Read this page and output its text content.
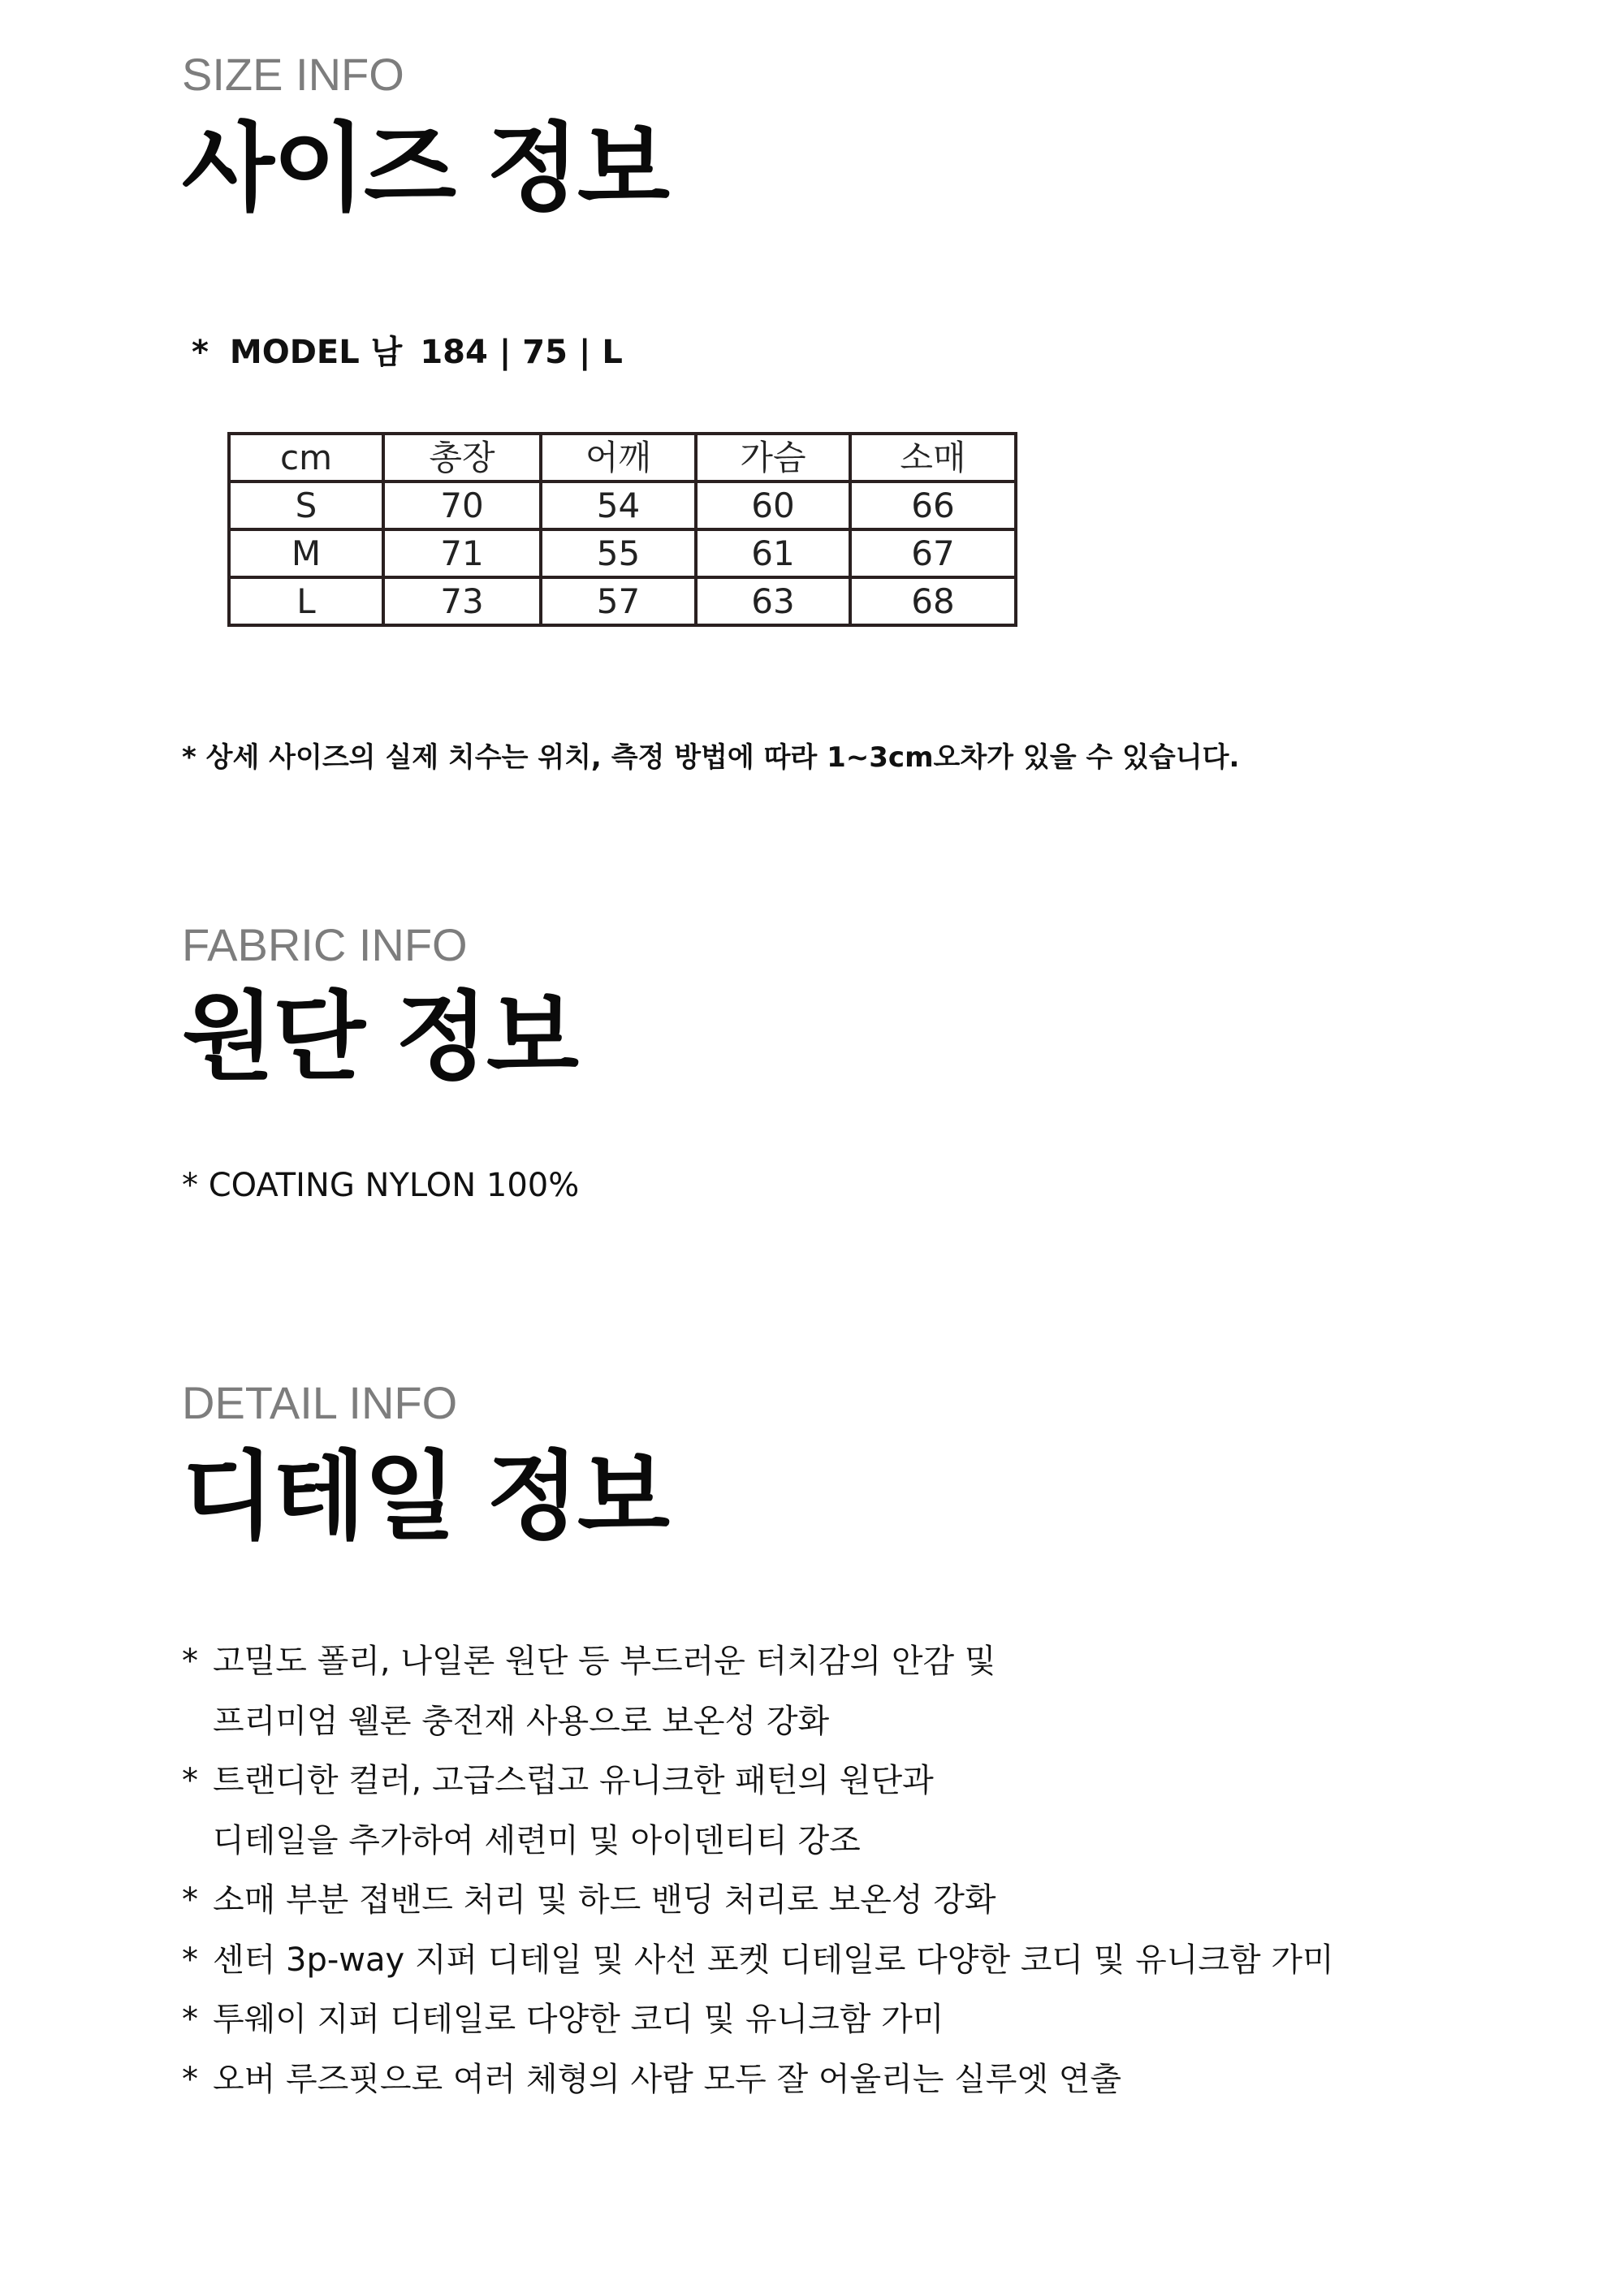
SIZE INFO
사이즈 정보
* MODEL 남 184 | 75 | L
cm	총장	어깨	가슴	소매
S	70	54	60	66
M	71	55	61	67
L	73	57	63	68
* 상세 사이즈의 실제 치수는 위치, 측정 방법에 따라 1~3cm오차가 있을 수 있습니다.
FABRIC INFO
원단 정보
* COATING NYLON 100%
DETAIL INFO
디테일 정보
* 고밀도 폴리, 나일론 원단 등 부드러운 터치감의 안감 및
프리미엄 웰론 충전재 사용으로 보온성 강화
* 트랜디한 컬러, 고급스럽고 유니크한 패턴의 원단과
디테일을 추가하여 세련미 및 아이덴티티 강조
* 소매 부분 접밴드 처리 및 하드 밴딩 처리로 보온성 강화
* 센터 3p-way 지퍼 디테일 및 사선 포켓 디테일로 다양한 코디 및 유니크함 가미
* 투웨이 지퍼 디테일로 다양한 코디 및 유니크함 가미
* 오버 루즈핏으로 여러 체형의 사람 모두 잘 어울리는 실루엣 연출
